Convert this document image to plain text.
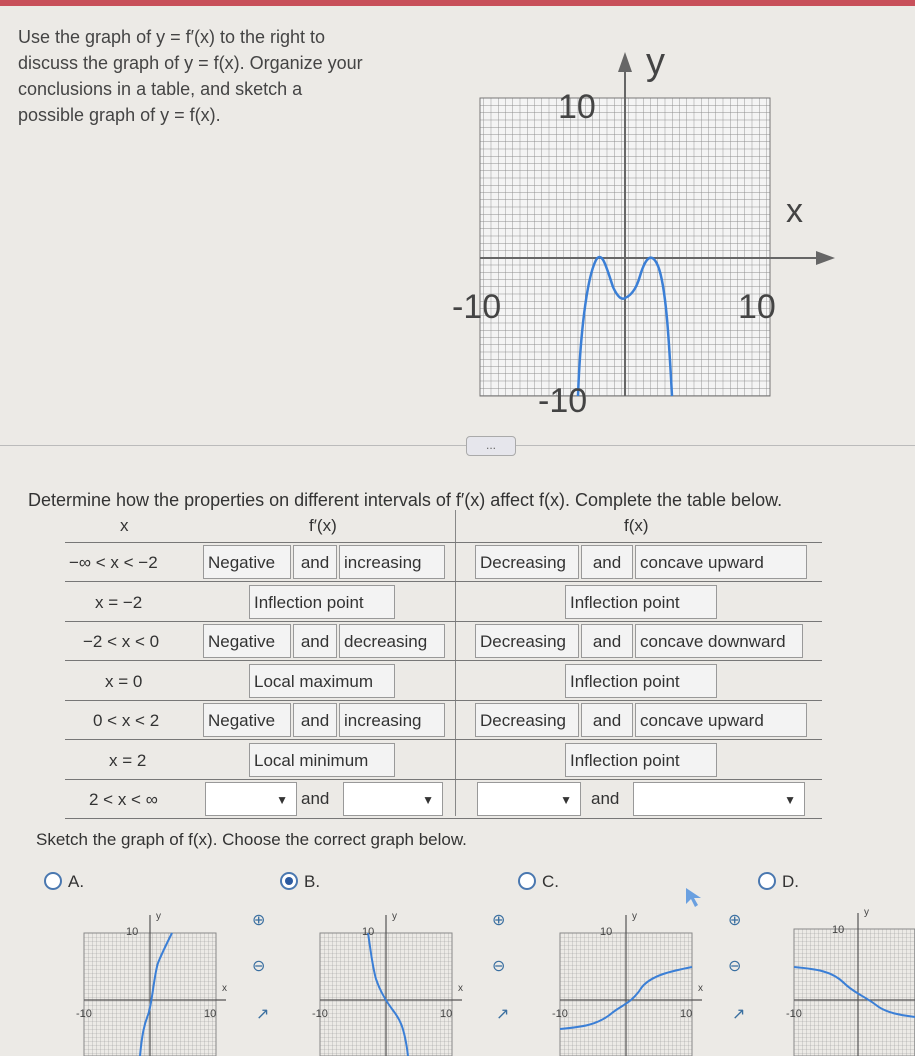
Use the graph of y = f′(x) to the right to

discuss the graph of y = f(x). Organize your

conclusions in a table, and sketch a

possible graph of y = f(x).

y
x
10
-10	10
-10
...
Determine how the properties on different intervals of f′(x) affect f(x). Complete the table below.
x	f′(x)	f(x)
−∞ < x < −2	Negative	and increasing	Decreasing	and	concave upward
x = −2	Inflection point	Inflection point
−2 < x < 0	Negative	and decreasing	Decreasing	and	concave downward
x = 0	Local maximum	Inflection point
0 < x < 2	Negative	and increasing	Decreasing	and	concave upward
x = 2	Local minimum	Inflection point
2 < x < ∞	▼ and	▼	▼ and	▼
Sketch the graph of f(x). Choose the correct graph below.
A.	B.	C.	D.
y
x
10
-10	10
y
x
10
-10	10
y
x
10
-10	10
y
10
-10
⊕
⊖
↗
⊕
⊖
↗
⊕
⊖
↗
